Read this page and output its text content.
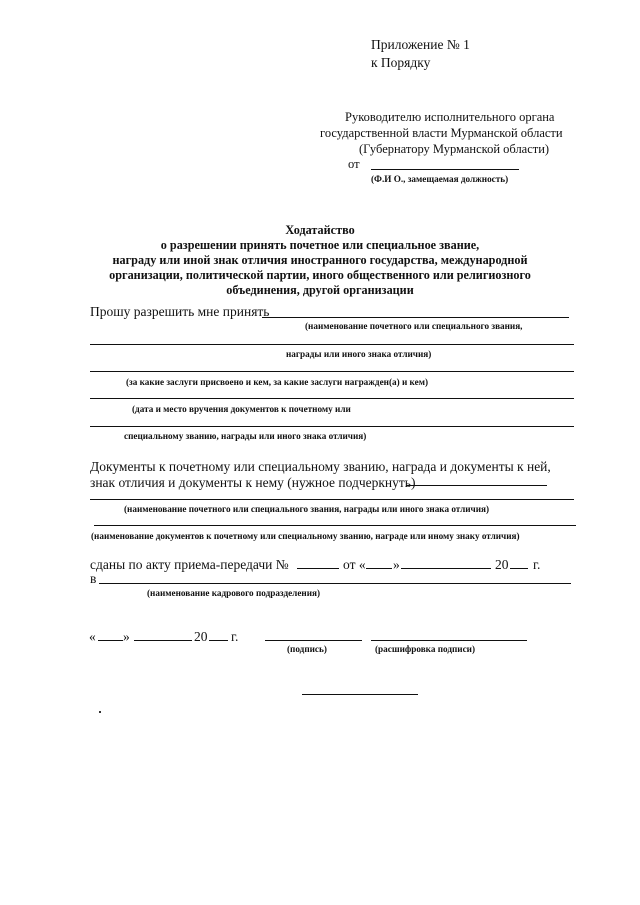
Приложение № 1
к Порядку
Руководителю исполнительного органа
государственной власти Мурманской области
(Губернатору Мурманской области)
от
(Ф.И О., замещаемая должность)
Ходатайство
о разрешении принять почетное или специальное звание,
награду или иной знак отличия иностранного государства, международной
организации, политической партии, иного общественного или религиозного
объединения, другой организации
Прошу разрешить мне принять
(наименование почетного или специального звания,
награды или иного знака отличия)
(за какие заслуги присвоено и кем, за какие заслуги награжден(а) и кем)
(дата и место вручения документов к почетному или
специальному званию, награды или иного знака отличия)
Документы к почетному или специальному званию, награда и документы к ней,
знак отличия и документы к нему (нужное подчеркнуть)
(наименование почетного или специального звания, награды или иного знака отличия)
(наименование документов к почетному или специальному званию, награде или иному знаку отличия)
сданы по акту приема-передачи №	от « »	20 г.
в
(наименование кадрового подразделения)
« »	20 г.
(подпись)	(расшифровка подписи)
